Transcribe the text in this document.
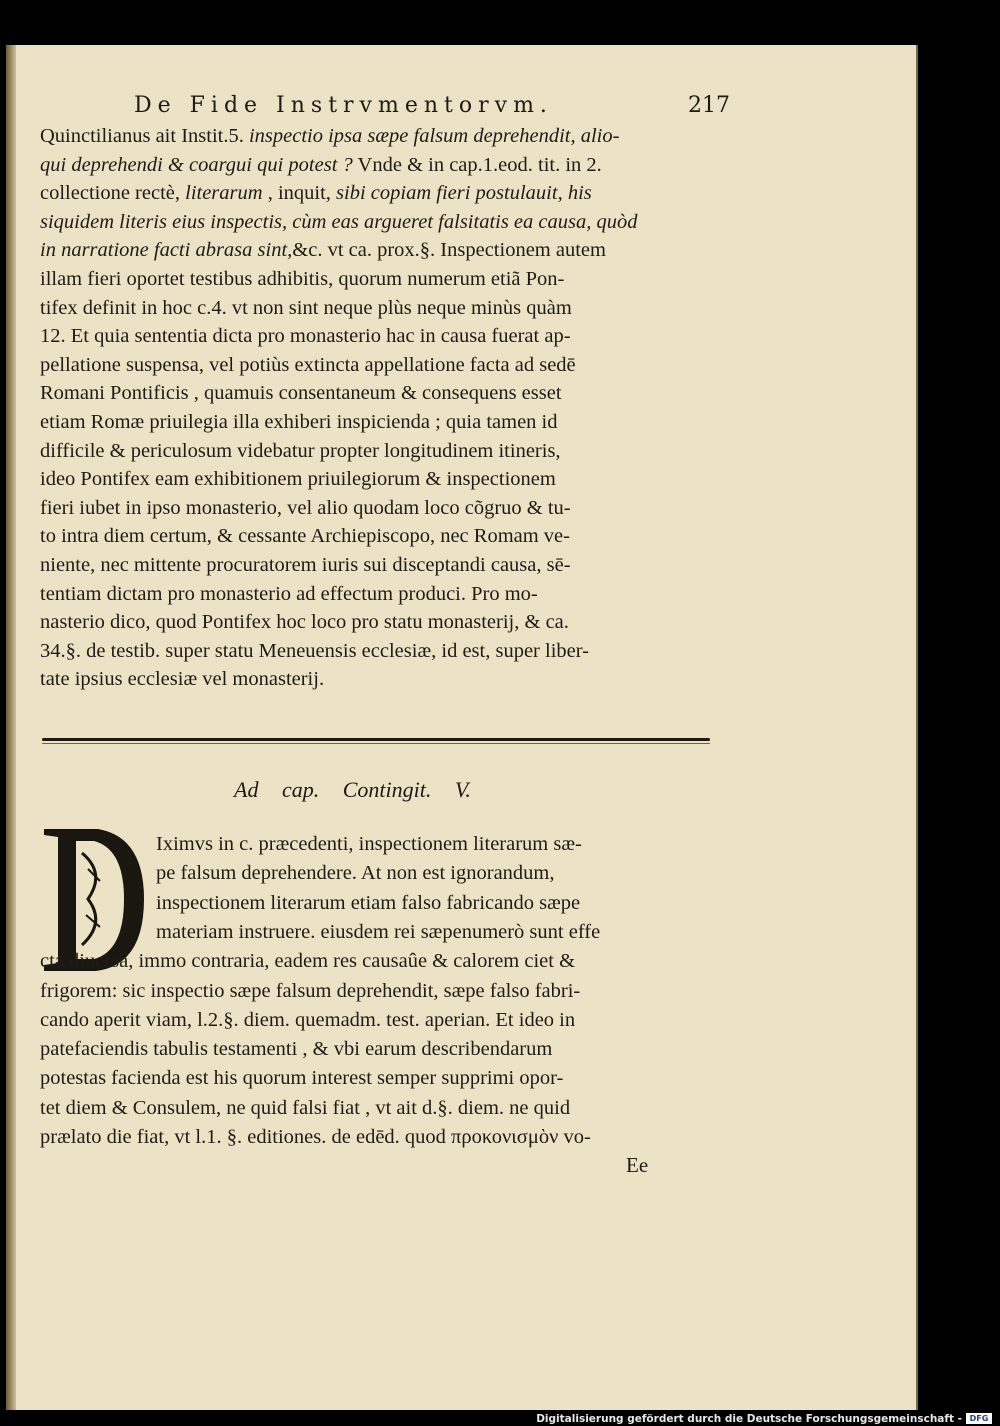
De Fide Instrvmentorvm.	217
Quinctilianus ait Instit.5. inspectio ipsa sæpe falsum deprehendit, alio-
qui deprehendi & coargui qui potest ? Vnde & in cap.1.eod. tit. in 2.
collectione rectè, literarum , inquit, sibi copiam fieri postulauit, his
siquidem literis eius inspectis, cùm eas argueret falsitatis ea causa, quòd
in narratione facti abrasa sint,&c. vt ca. prox.§. Inspectionem autem
illam fieri oportet testibus adhibitis, quorum numerum etiã Pon-
tifex definit in hoc c.4. vt non sint neque plùs neque minùs quàm
12. Et quia sententia dicta pro monasterio hac in causa fuerat ap-
pellatione suspensa, vel potiùs extincta appellatione facta ad sedē
Romani Pontificis , quamuis consentaneum & consequens esset
etiam Romæ priuilegia illa exhiberi inspicienda ; quia tamen id
difficile & periculosum videbatur propter longitudinem itineris,
ideo Pontifex eam exhibitionem priuilegiorum & inspectionem
fieri iubet in ipso monasterio, vel alio quodam loco cõgruo & tu-
to intra diem certum, & cessante Archiepiscopo, nec Romam ve-
niente, nec mittente procuratorem iuris sui disceptandi causa, sē-
tentiam dictam pro monasterio ad effectum produci. Pro mo-
nasterio dico, quod Pontifex hoc loco pro statu monasterij, & ca.
34.§. de testib. super statu Meneuensis ecclesiæ, id est, super liber-
tate ipsius ecclesiæ vel monasterij.
Ad cap. Contingit. V.
D
Iximvs in c. præcedenti, inspectionem literarum sæ-
pe falsum deprehendere. At non est ignorandum,
inspectionem literarum etiam falso fabricando sæpe
materiam instruere. eiusdem rei sæpenumerò sunt effe
cta diuersa, immo contraria, eadem res causaûe & calorem ciet &
frigorem: sic inspectio sæpe falsum deprehendit, sæpe falso fabri-
cando aperit viam, l.2.§. diem. quemadm. test. aperian. Et ideo in
patefaciendis tabulis testamenti , & vbi earum describendarum
potestas facienda est his quorum interest semper supprimi opor-
tet diem & Consulem, ne quid falsi fiat , vt ait d.§. diem. ne quid
prælato die fiat, vt l.1. §. editiones. de edēd. quod προκονισμὸν vo-
Ee
Digitalisierung gefördert durch die Deutsche Forschungsgemeinschaft - DFG
